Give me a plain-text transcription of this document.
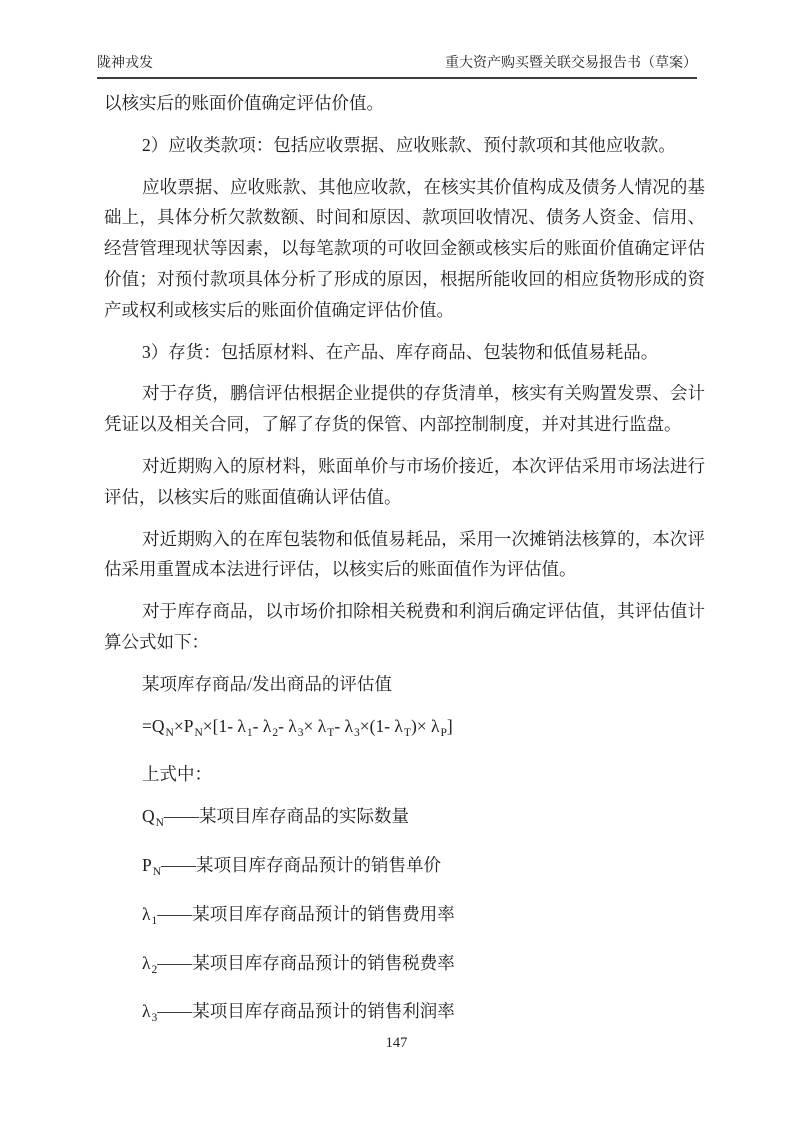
陇神戎发	重大资产购买暨关联交易报告书（草案）

以核实后的账面价值确定评估价值。

2）应收类款项：包括应收票据、应收账款、预付款项和其他应收款。

应收票据、应收账款、其他应收款，在核实其价值构成及债务人情况的基础上，具体分析欠款数额、时间和原因、款项回收情况、债务人资金、信用、经营管理现状等因素，以每笔款项的可收回金额或核实后的账面价值确定评估价值；对预付款项具体分析了形成的原因，根据所能收回的相应货物形成的资产或权利或核实后的账面价值确定评估价值。

3）存货：包括原材料、在产品、库存商品、包装物和低值易耗品。

对于存货，鹏信评估根据企业提供的存货清单，核实有关购置发票、会计凭证以及相关合同，了解了存货的保管、内部控制制度，并对其进行监盘。

对近期购入的原材料，账面单价与市场价接近，本次评估采用市场法进行评估，以核实后的账面值确认评估值。

对近期购入的在库包装物和低值易耗品，采用一次摊销法核算的，本次评估采用重置成本法进行评估，以核实后的账面值作为评估值。

对于库存商品，以市场价扣除相关税费和利润后确定评估值，其评估值计算公式如下：

某项库存商品/发出商品的评估值

$=Q_N\times P_N\times[1-$ $\lambda_1-$ $\lambda_2-$ $\lambda_3\times \lambda_T-$ $\lambda_3\times(1-$ $\lambda_T)\times \lambda_P$]

上式中：

$Q_N——$某项目库存商品的实际数量

$P_N——$某项目库存商品预计的销售单价

$\lambda_1——$某项目库存商品预计的销售费用率

$\lambda_2——$某项目库存商品预计的销售税费率

$\lambda_3——$某项目库存商品预计的销售利润率

147
